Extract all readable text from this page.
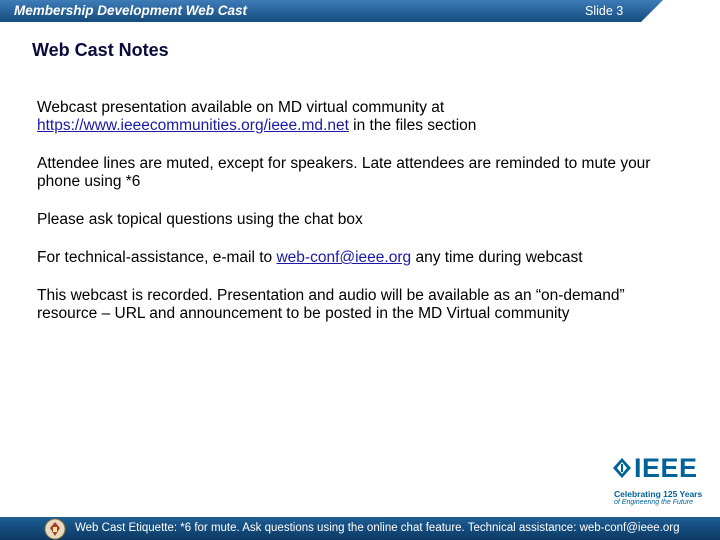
Membership Development Web Cast	Slide 3
Web Cast Notes
Webcast presentation available on MD virtual community at
https://www.ieeecommunities.org/ieee.md.net in the files section
Attendee lines are muted, except for speakers. Late attendees are reminded to mute your phone using *6
Please ask topical questions using the chat box
For technical-assistance, e-mail to web-conf@ieee.org any time during webcast
This webcast is recorded. Presentation and audio will be available as an “on-demand” resource – URL and announcement to be posted in the MD Virtual community
IEEE
Celebrating 125 Years
of Engineering the Future
Web Cast Etiquette: *6 for mute. Ask questions using the online chat feature. Technical assistance: web-conf@ieee.org
